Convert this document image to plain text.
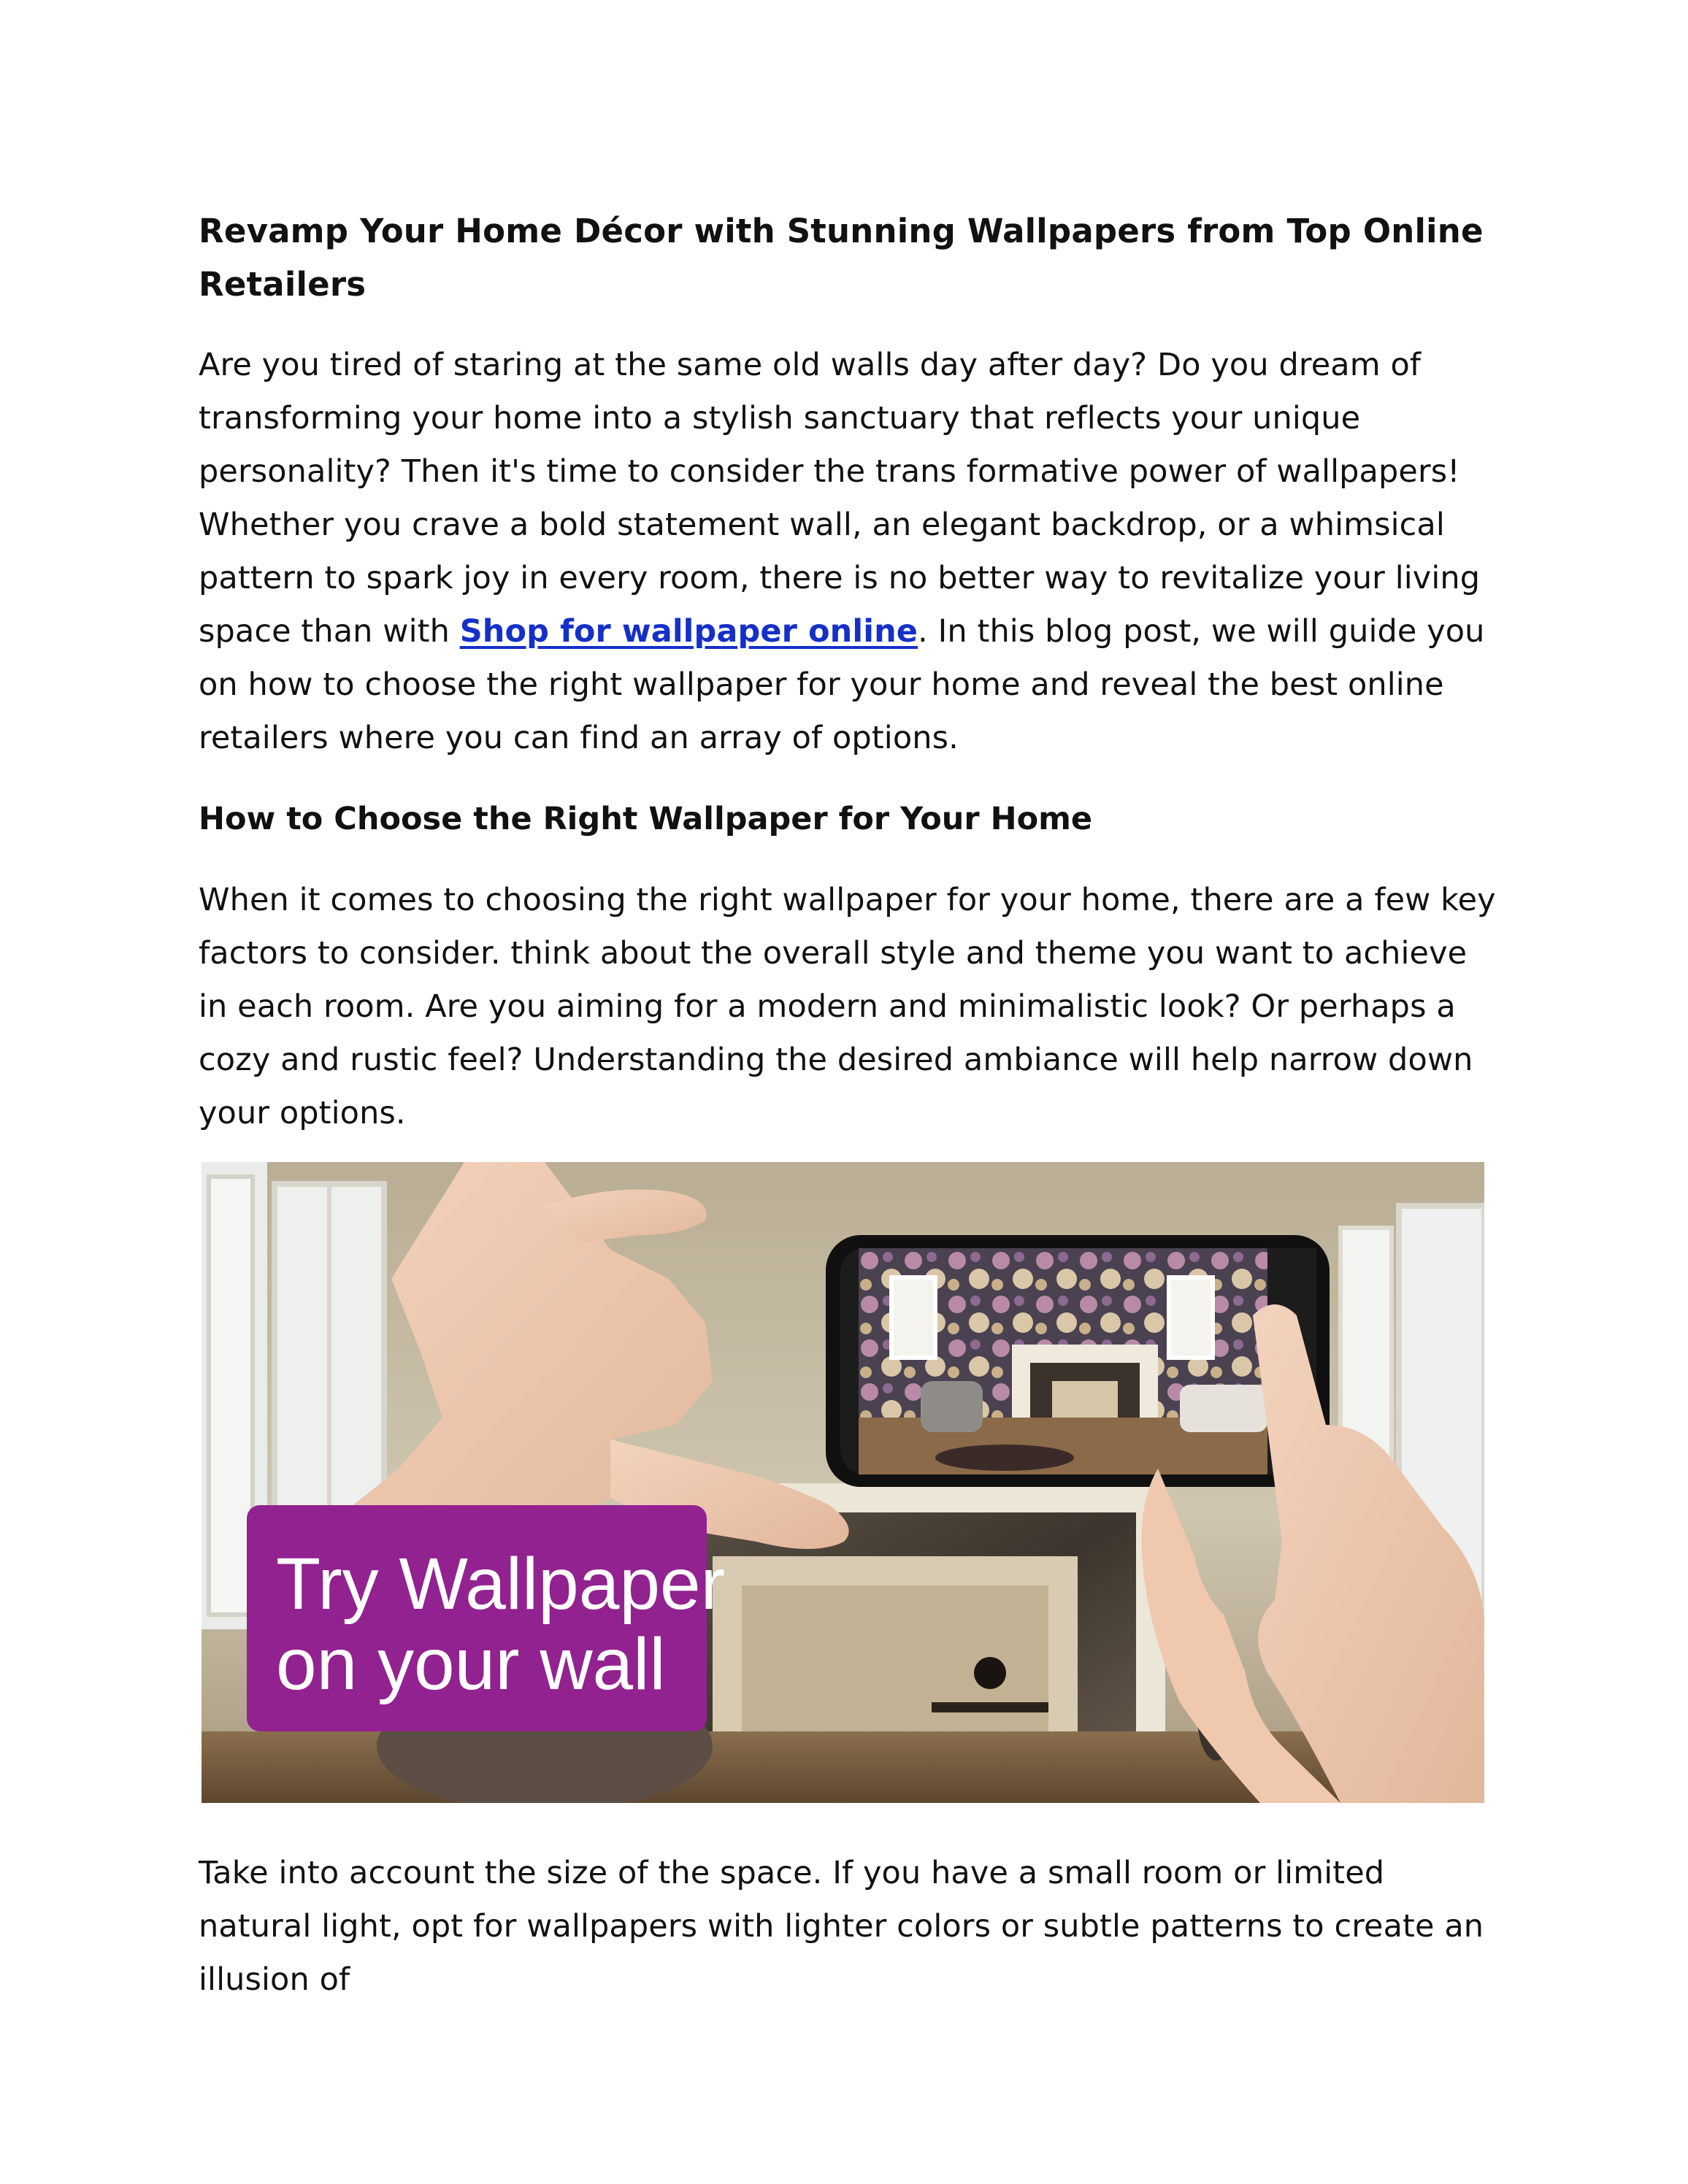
Revamp Your Home Décor with Stunning Wallpapers from Top Online Retailers

Are you tired of staring at the same old walls day after day? Do you dream of transforming your home into a stylish sanctuary that reflects your unique personality? Then it's time to consider the trans formative power of wallpapers! Whether you crave a bold statement wall, an elegant backdrop, or a whimsical pattern to spark joy in every room, there is no better way to revitalize your living space than with Shop for wallpaper online. In this blog post, we will guide you on how to choose the right wallpaper for your home and reveal the best online retailers where you can find an array of options.

How to Choose the Right Wallpaper for Your Home

When it comes to choosing the right wallpaper for your home, there are a few key factors to consider. think about the overall style and theme you want to achieve in each room. Are you aiming for a modern and minimalistic look? Or perhaps a cozy and rustic feel? Understanding the desired ambiance will help narrow down your options.

Try Wallpaper
on your wall

Take into account the size of the space. If you have a small room or limited natural light, opt for wallpapers with lighter colors or subtle patterns to create an illusion of
